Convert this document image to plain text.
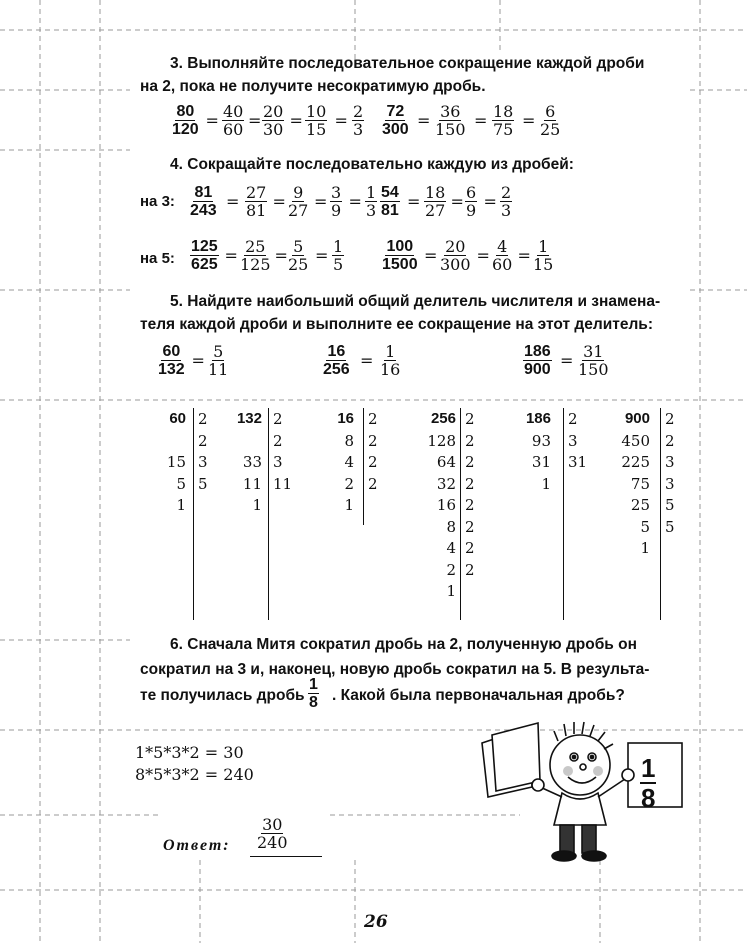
3. Выполняйте последовательное сокращение каждой дроби
на 2, пока не получите несократимую дробь.
$\frac{80}{120} = \frac{40}{60} = \frac{20}{30} = \frac{10}{15} = \frac{2}{3} \frac{72}{300} = \frac{36}{150} = \frac{18}{75} = \frac{6}{25}$
4. Сокращайте последовательно каждую из дробей:
на 3:
на 5:
$\frac{81}{243} = \frac{27}{81} = \frac{9}{27} = \frac{3}{9} = \frac{1}{3} \frac{54}{81} = \frac{18}{27} = \frac{6}{9} = \frac{2}{3}$
$\frac{125}{625} = \frac{25}{125} = \frac{5}{25} = \frac{1}{5} \frac{100}{1500} = \frac{20}{300} = \frac{4}{60} = \frac{1}{15}$
5. Найдите наибольший общий делитель числителя и знамена-
теля каждой дроби и выполните ее сокращение на этот делитель:
$\frac{60}{132} = \frac{5}{11}$	$\frac{16}{256} = \frac{1}{16}$	$\frac{186}{900} = \frac{31}{150}$
60
15
5
1
2
2
3
5
132
33
11
1
2
2
3
11
16
8
4
2
1
2
2
2
2
256
128
64
32
16
8
4
2
1
2
2
2
2
2
2
2
2
186
93
31
1
2
3
31
900
450
225
75
25
5
1
2
2
3
3
5
5
6. Сначала Митя сократил дробь на 2, полученную дробь он
сократил на 3 и, наконец, новую дробь сократил на 5. В результа-
те получилась дробь $\frac{1}{8}$ . Какой была первоначальная дробь?
1*5*3*2 = 30
8*5*3*2 = 240
Ответ: $\frac{30}{240}$
$\frac{1}{8}$
26
